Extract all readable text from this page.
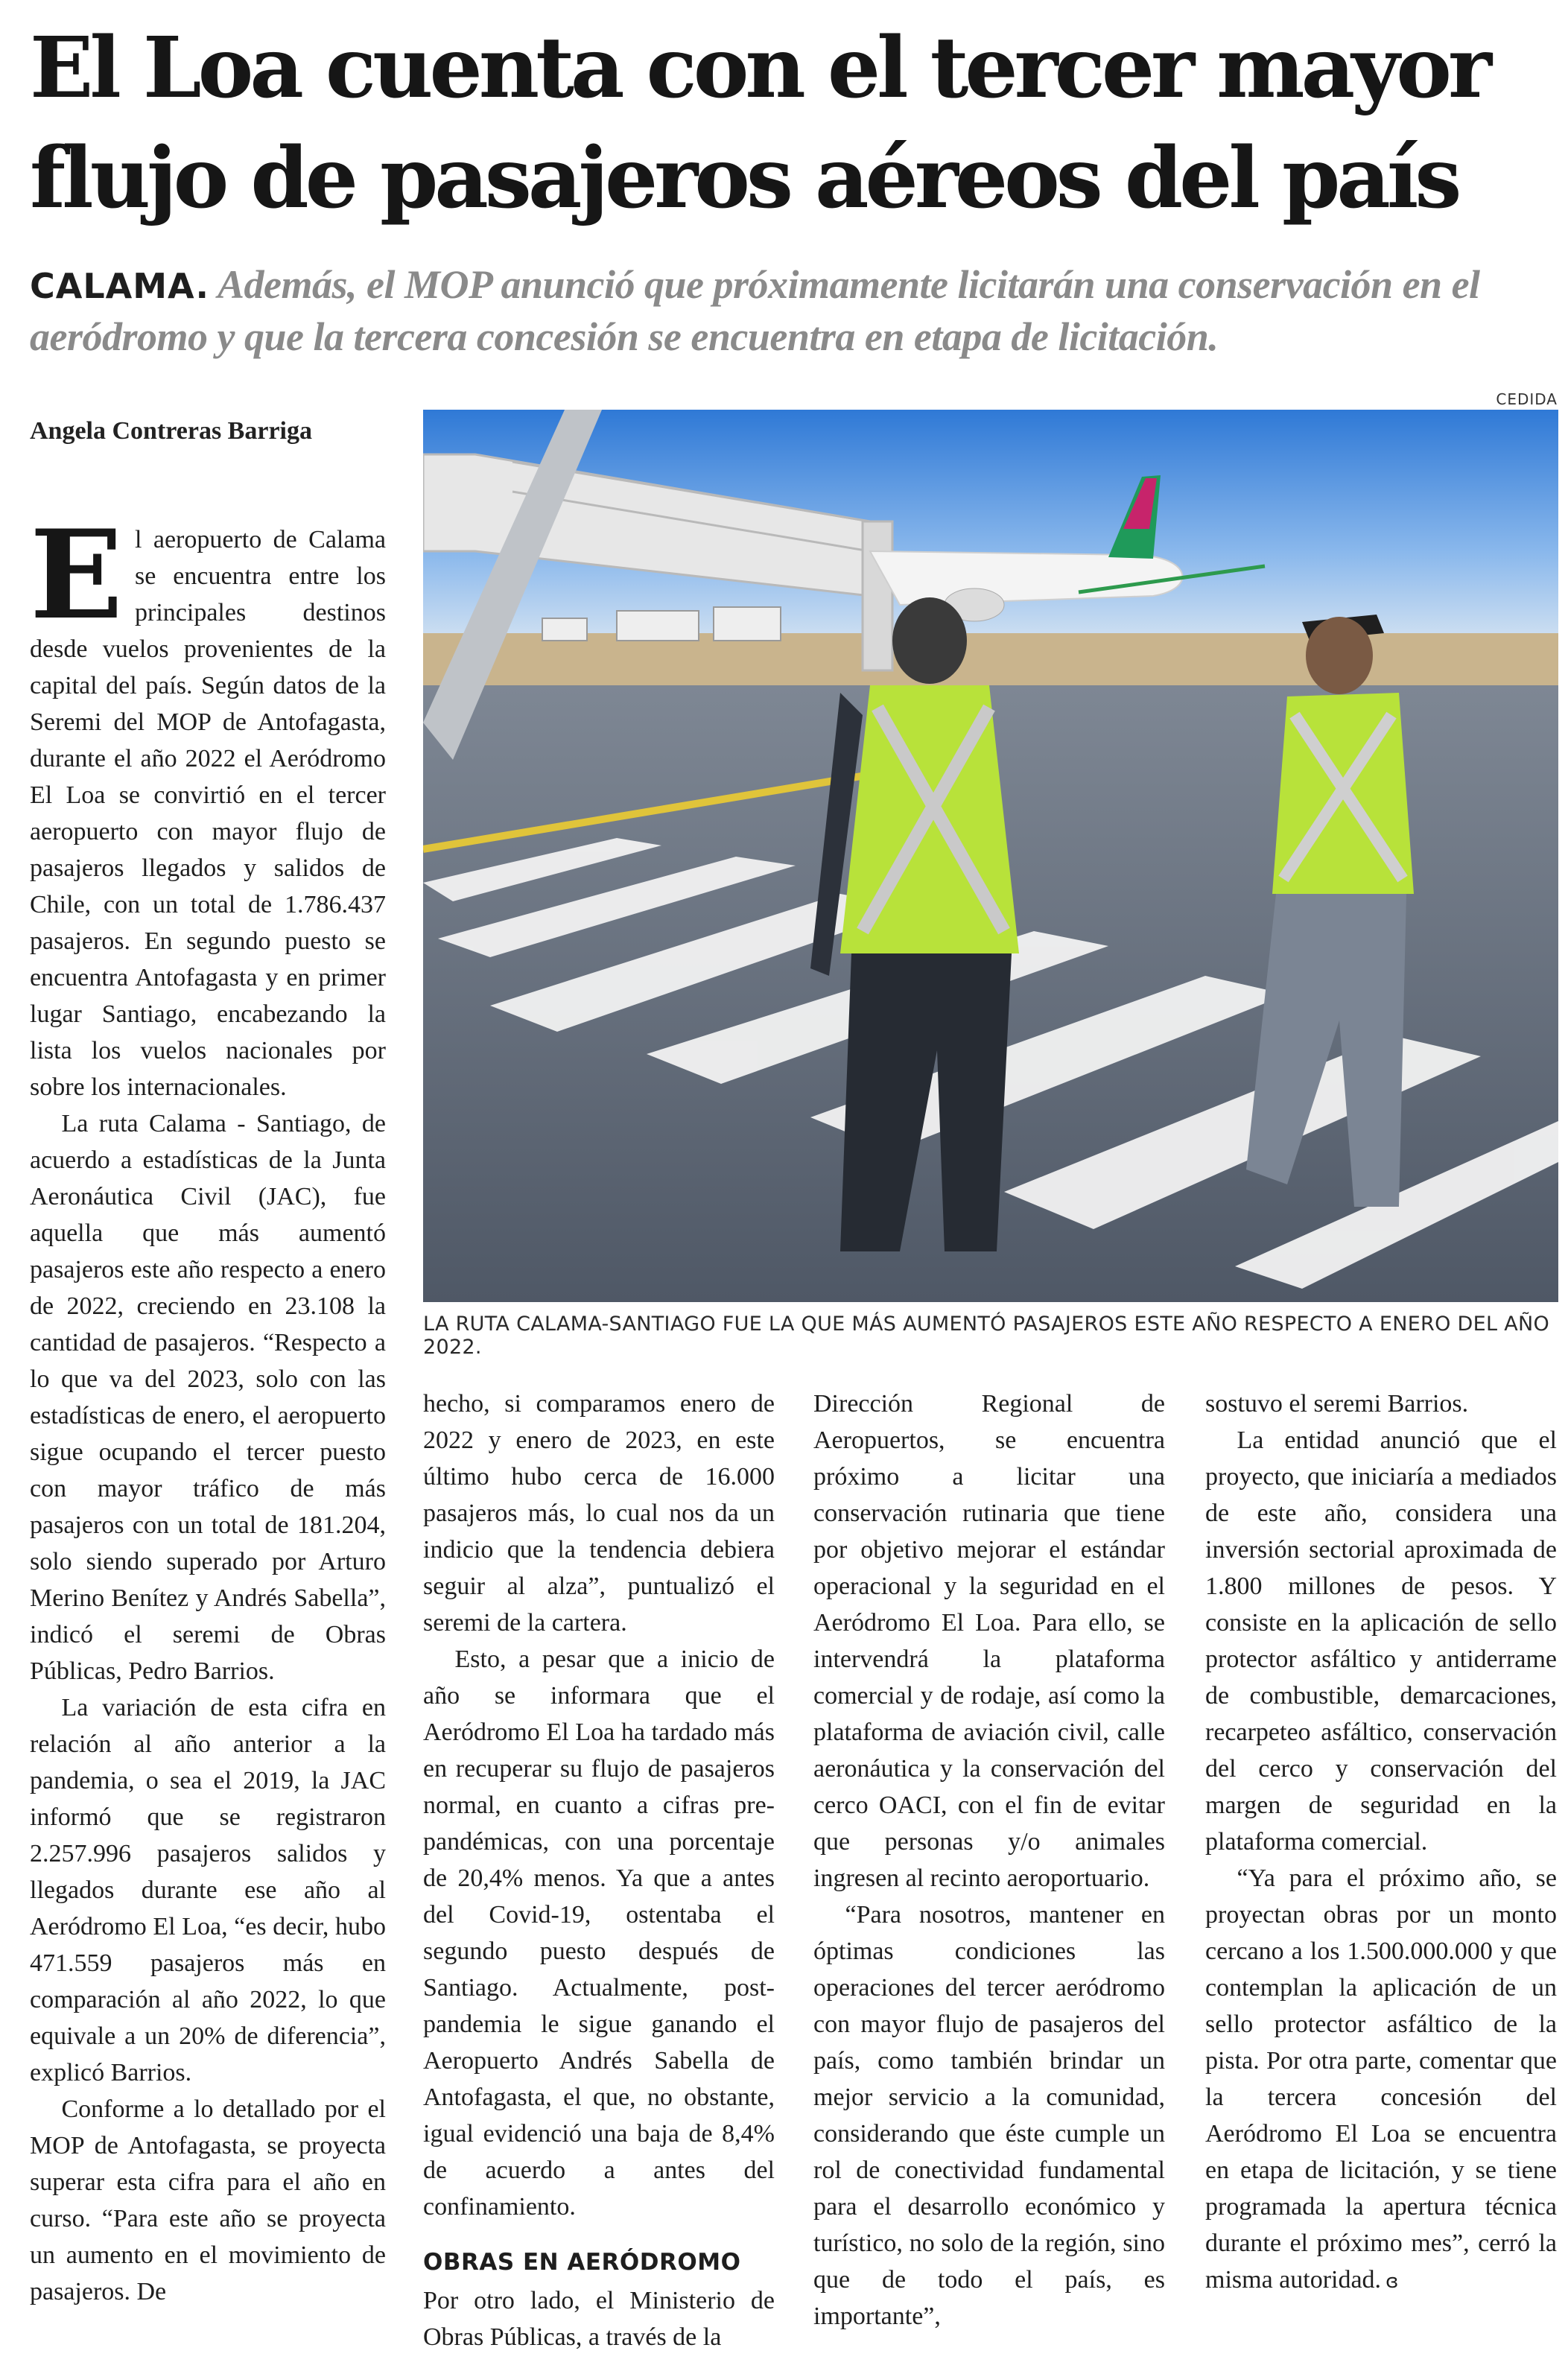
El Loa cuenta con el tercer mayor
flujo de pasajeros aéreos del país
CALAMA. Además, el MOP anunció que próximamente licitarán una conservación en el aeródromo y que la tercera concesión se encuentra en etapa de licitación.
Angela Contreras Barriga
CEDIDA
LA RUTA CALAMA-SANTIAGO FUE LA QUE MÁS AUMENTÓ PASAJEROS ESTE AÑO RESPECTO A ENERO DEL AÑO 2022.

El aeropuerto de Calama se encuentra entre los principales destinos desde vuelos provenientes de la capital del país. Según datos de la Seremi del MOP de Antofagasta, durante el año 2022 el Aeródromo El Loa se convirtió en el tercer aeropuerto con mayor flujo de pasajeros llegados y salidos de Chile, con un total de 1.786.437 pasajeros. En segundo puesto se encuentra Antofagasta y en primer lugar Santiago, encabezando la lista los vuelos nacionales por sobre los internacionales.

La ruta Calama - Santiago, de acuerdo a estadísticas de la Junta Aeronáutica Civil (JAC), fue aquella que más aumentó pasajeros este año respecto a enero de 2022, creciendo en 23.108 la cantidad de pasajeros. “Respecto a lo que va del 2023, solo con las estadísticas de enero, el aeropuerto sigue ocupando el tercer puesto con mayor tráfico de más pasajeros con un total de 181.204, solo siendo superado por Arturo Merino Benítez y Andrés Sabella”, indicó el seremi de Obras Públicas, Pedro Barrios.

La variación de esta cifra en relación al año anterior a la pandemia, o sea el 2019, la JAC informó que se registraron 2.257.996 pasajeros salidos y llegados durante ese año al Aeródromo El Loa, “es decir, hubo 471.559 pasajeros más en comparación al año 2022, lo que equivale a un 20% de diferencia”, explicó Barrios.

Conforme a lo detallado por el MOP de Antofagasta, se proyecta superar esta cifra para el año en curso. “Para este año se proyecta un aumento en el movimiento de pasajeros. De

hecho, si comparamos enero de 2022 y enero de 2023, en este último hubo cerca de 16.000 pasajeros más, lo cual nos da un indicio que la tendencia debiera seguir al alza”, puntualizó el seremi de la cartera.

Esto, a pesar que a inicio de año se informara que el Aeródromo El Loa ha tardado más en recuperar su flujo de pasajeros normal, en cuanto a cifras pre-pandémicas, con una porcentaje de 20,4% menos. Ya que a antes del Covid-19, ostentaba el segundo puesto después de Santiago. Actualmente, post-pandemia le sigue ganando el Aeropuerto Andrés Sabella de Antofagasta, el que, no obstante, igual evidenció una baja de 8,4% de acuerdo a antes del confinamiento.

OBRAS EN AERÓDROMO

Por otro lado, el Ministerio de Obras Públicas, a través de la

Dirección Regional de Aeropuertos, se encuentra próximo a licitar una conservación rutinaria que tiene por objetivo mejorar el estándar operacional y la seguridad en el Aeródromo El Loa. Para ello, se intervendrá la plataforma comercial y de rodaje, así como la plataforma de aviación civil, calle aeronáutica y la conservación del cerco OACI, con el fin de evitar que personas y/o animales ingresen al recinto aeroportuario.

“Para nosotros, mantener en óptimas condiciones las operaciones del tercer aeródromo con mayor flujo de pasajeros del país, como también brindar un mejor servicio a la comunidad, considerando que éste cumple un rol de conectividad fundamental para el desarrollo económico y turístico, no solo de la región, sino que de todo el país, es importante”,

sostuvo el seremi Barrios.

La entidad anunció que el proyecto, que iniciaría a mediados de este año, considera una inversión sectorial aproximada de 1.800 millones de pesos. Y consiste en la aplicación de sello protector asfáltico y antiderrame de combustible, demarcaciones, recarpeteo asfáltico, conservación del cerco y conservación del margen de seguridad en la plataforma comercial.

“Ya para el próximo año, se proyectan obras por un monto cercano a los 1.500.000.000 y que contemplan la aplicación de un sello protector asfáltico de la pista. Por otra parte, comentar que la tercera concesión del Aeródromo El Loa se encuentra en etapa de licitación, y se tiene programada la apertura técnica durante el próximo mes”, cerró la misma autoridad. ɞ
